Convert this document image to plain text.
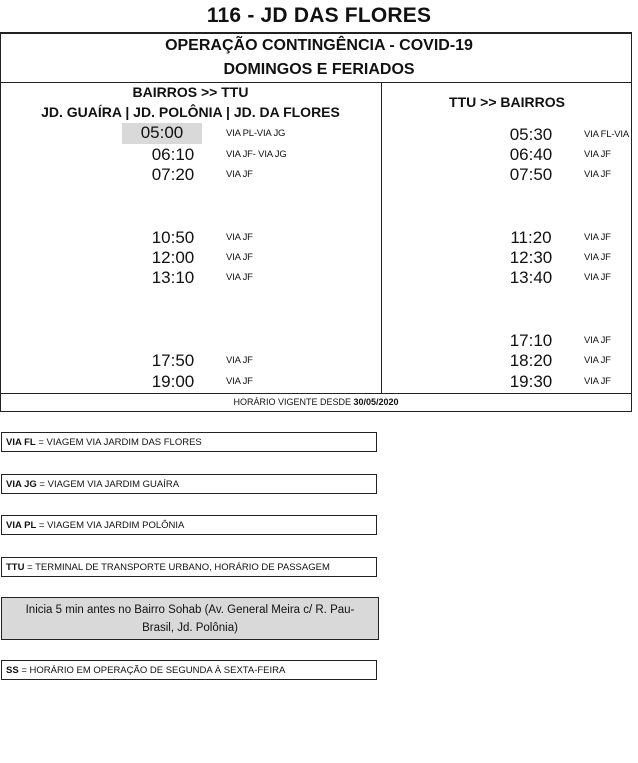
116 - JD DAS FLORES
OPERAÇÃO CONTINGÊNCIA - COVID-19
DOMINGOS E FERIADOS
BAIRROS >> TTU
JD. GUAÍRA | JD. POLÔNIA | JD. DA FLORES
TTU >> BAIRROS
05:00	VIA PL-VIA JG
06:10	VIA JF- VIA JG
07:20	VIA JF
10:50	VIA JF
12:00	VIA JF
13:10	VIA JF
17:50	VIA JF
19:00	VIA JF
05:30	VIA FL-VIA
06:40	VIA JF
07:50	VIA JF
11:20	VIA JF
12:30	VIA JF
13:40	VIA JF
17:10	VIA JF
18:20	VIA JF
19:30	VIA JF
HORÁRIO VIGENTE DESDE 30/05/2020
VIA FL = VIAGEM VIA JARDIM DAS FLORES
VIA JG = VIAGEM VIA JARDIM GUAÍRA
VIA PL = VIAGEM VIA JARDIM POLÔNIA
TTU = TERMINAL DE TRANSPORTE URBANO, HORÁRIO DE PASSAGEM
Inicia 5 min antes no Bairro Sohab (Av. General Meira c/ R. Pau-Brasil, Jd. Polônia)
SS = HORÁRIO EM OPERAÇÃO DE SEGUNDA À SEXTA-FEIRA
